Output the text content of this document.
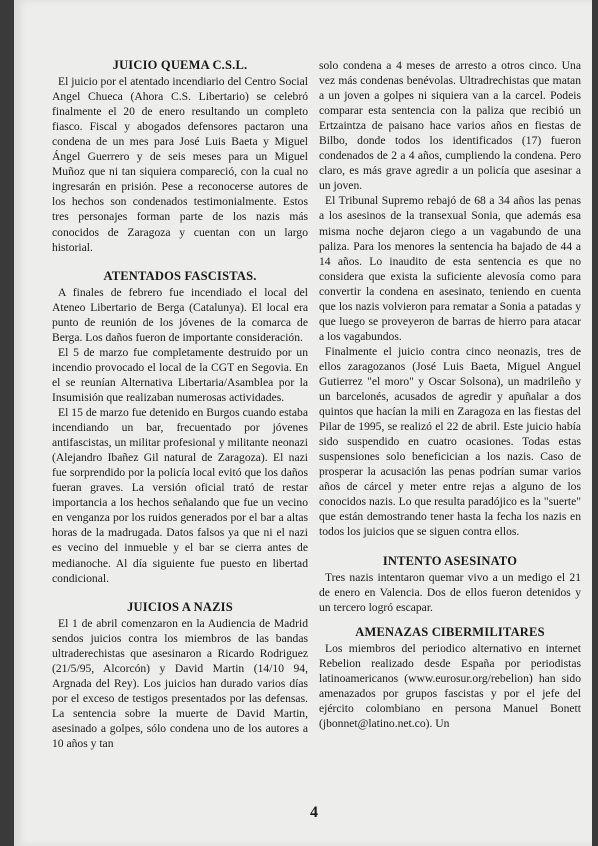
JUICIO QUEMA C.S.L.

El juicio por el atentado incendiario del Centro Social Angel Chueca (Ahora C.S. Libertario) se celebró finalmente el 20 de enero resultando un completo fiasco. Fiscal y abogados defensores pactaron una condena de un mes para José Luis Baeta y Miguel Ángel Guerrero y de seis meses para un Miguel Muñoz que ni tan siquiera compareció, con la cual no ingresarán en prisión. Pese a reconocerse autores de los hechos son condenados testimonialmente. Estos tres personajes forman parte de los nazis más conocidos de Zaragoza y cuentan con un largo historial.

ATENTADOS FASCISTAS.

A finales de febrero fue incendiado el local del Ateneo Libertario de Berga (Catalunya). El local era punto de reunión de los jóvenes de la comarca de Berga. Los daños fueron de importante consideración.

El 5 de marzo fue completamente destruido por un incendio provocado el local de la CGT en Segovia. En el se reunían Alternativa Libertaria/Asamblea por la Insumisión que realizaban numerosas actividades.

El 15 de marzo fue detenido en Burgos cuando estaba incendiando un bar, frecuentado por jóvenes antifascistas, un militar profesional y militante neonazi (Alejandro Ibañez Gil natural de Zaragoza). El nazi fue sorprendido por la policía local evitó que los daños fueran graves. La versión oficial trató de restar importancia a los hechos señalando que fue un vecino en venganza por los ruidos generados por el bar a altas horas de la madrugada. Datos falsos ya que ni el nazi es vecino del inmueble y el bar se cierra antes de medianoche. Al día siguiente fue puesto en libertad condicional.

JUICIOS A NAZIS

El 1 de abril comenzaron en la Audiencia de Madrid sendos juicios contra los miembros de las bandas ultraderechistas que asesinaron a Ricardo Rodriguez (21/5/95, Alcorcón) y David Martin (14/10 94, Argnada del Rey). Los juicios han durado varios días por el exceso de testigos presentados por las defensas. La sentencia sobre la muerte de David Martin, asesinado a golpes, sólo condena uno de los autores a 10 años y tan

solo condena a 4 meses de arresto a otros cinco. Una vez más condenas benévolas. Ultradrechistas que matan a un joven a golpes ni siquiera van a la carcel. Podeis comparar esta sentencia con la paliza que recibió un Ertzaintza de paisano hace varios años en fiestas de Bilbo, donde todos los identificados (17) fueron condenados de 2 a 4 años, cumpliendo la condena. Pero claro, es más grave agredir a un policía que asesinar a un joven.

El Tribunal Supremo rebajó de 68 a 34 años las penas a los asesinos de la transexual Sonia, que además esa misma noche dejaron ciego a un vagabundo de una paliza. Para los menores la sentencia ha bajado de 44 a 14 años. Lo inaudito de esta sentencia es que no considera que exista la suficiente alevosía como para convertir la condena en asesinato, teniendo en cuenta que los nazis volvieron para rematar a Sonia a patadas y que luego se proveyeron de barras de hierro para atacar a los vagabundos.

Finalmente el juicio contra cinco neonazis, tres de ellos zaragozanos (José Luis Baeta, Miguel Anguel Gutierrez "el moro" y Oscar Solsona), un madrileño y un barcelonés, acusados de agredir y apuñalar a dos quintos que hacían la mili en Zaragoza en las fiestas del Pilar de 1995, se realizó el 22 de abril. Este juicio había sido suspendido en cuatro ocasiones. Todas estas suspensiones solo beneficician a los nazis. Caso de prosperar la acusación las penas podrían sumar varios años de cárcel y meter entre rejas a alguno de los conocidos nazis. Lo que resulta paradójico es la "suerte" que están demostrando tener hasta la fecha los nazis en todos los juicios que se siguen contra ellos.

INTENTO ASESINATO

Tres nazis intentaron quemar vivo a un medigo el 21 de enero en Valencia. Dos de ellos fueron detenidos y un tercero logró escapar.

AMENAZAS CIBERMILITARES

Los miembros del periodico alternativo en internet Rebelion realizado desde España por periodistas latinoamericanos (www.eurosur.org/rebelion) han sido amenazados por grupos fascistas y por el jefe del ejército colombiano en persona Manuel Bonett (jbonnet@latino.net.co). Un

4
